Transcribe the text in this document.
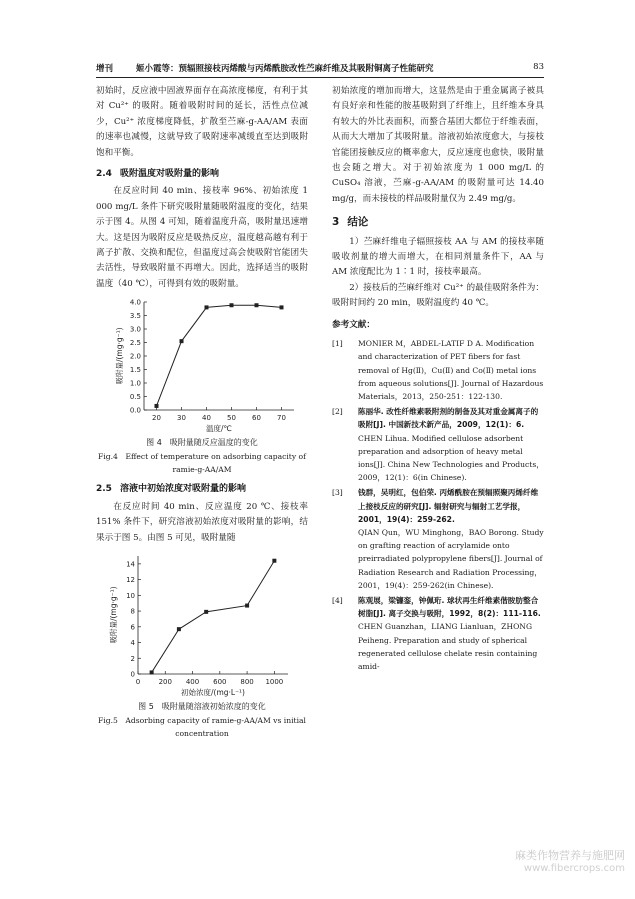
增刊	姬小霞等：预辐照接枝丙烯酸与丙烯酰胺改性苎麻纤维及其吸附铜离子性能研究	83

初始时，反应液中固液界面存在高浓度梯度，有利于其对 Cu²⁺ 的吸附。随着吸附时间的延长，活性点位减少，Cu²⁺ 浓度梯度降低，扩散至苎麻-g-AA/AM 表面的速率也减慢，这就导致了吸附速率减缓直至达到吸附饱和平衡。

2.4 吸附温度对吸附量的影响

在反应时间 40 min、接枝率 96%、初始浓度 1 000 mg/L 条件下研究吸附量随吸附温度的变化，结果示于图 4。从图 4 可知，随着温度升高，吸附量迅速增大。这是因为吸附反应是吸热反应，温度越高越有利于离子扩散、交换和配位，但温度过高会使吸附官能团失去活性，导致吸附量不再增大。因此，选择适当的吸附温度（40 ℃），可得到有效的吸附量。

0.0
0.5
1.0
1.5
2.0
2.5
3.0
3.5
4.0
20 30 40 50 60 70
温度/℃
吸附量/(mg·g⁻¹)
图 4　吸附量随反应温度的变化
Fig.4　Effect of temperature on adsorbing capacity of ramie-g-AA/AM
2.5 溶液中初始浓度对吸附量的影响

在反应时间 40 min、反应温度 20 ℃、接枝率 151% 条件下，研究溶液初始浓度对吸附量的影响，结果示于图 5。由图 5 可见，吸附量随

0
2
4
6
8
10
12
14
0	200 400 600 800 1000
初始浓度/(mg·L⁻¹)
吸附量/(mg·g⁻¹)
图 5　吸附量随溶液初始浓度的变化
Fig.5　Adsorbing capacity of ramie-g-AA/AM vs initial concentration

初始浓度的增加而增大，这显然是由于重金属离子被具有良好亲和性能的胺基吸附到了纤维上，且纤维本身具有较大的外比表面积，而螯合基团大都位于纤维表面，从而大大增加了其吸附量。溶液初始浓度愈大，与接枝官能团接触反应的概率愈大，反应速度也愈快，吸附量也会随之增大。对于初始浓度为 1 000 mg/L 的 CuSO₄ 溶液，苎麻-g-AA/AM 的吸附量可达 14.40 mg/g，而未接枝的样品吸附量仅为 2.49 mg/g。

3 结论

1）苎麻纤维电子辐照接枝 AA 与 AM 的接枝率随吸收剂量的增大而增大，在相同剂量条件下，AA 与 AM 浓度配比为 1∶1 时，接枝率最高。

2）接枝后的苎麻纤维对 Cu²⁺ 的最佳吸附条件为：吸附时间约 20 min，吸附温度约 40 ℃。

参考文献：
[1] MONIER M，ABDEL-LATIF D A. Modification and characterization of PET fibers for fast removal of Hg(Ⅱ)，Cu(Ⅱ) and Co(Ⅱ) metal ions from aqueous solutions[J]. Journal of Hazardous Materials，2013，250-251：122-130.
[2] 陈丽华. 改性纤维素吸附剂的制备及其对重金属离子的吸附[J]. 中国新技术新产品，2009，12(1)：6.
CHEN Lihua. Modified cellulose adsorbent preparation and adsorption of heavy metal ions[J]. China New Technologies and Products，2009，12(1)：6(in Chinese).
[3] 钱群，吴明红，包伯荣. 丙烯酰胺在预辐照聚丙烯纤维上接枝反应的研究[J]. 辐射研究与辐射工艺学报，2001，19(4)：259-262.
QIAN Qun，WU Minghong，BAO Borong. Study on grafting reaction of acrylamide onto preirradiated polypropylene fibers[J]. Journal of Radiation Research and Radiation Processing，2001，19(4)：259-262(in Chinese).
[4] 陈观展，梁镰銮，钟佩珩. 球状再生纤维素偕胺肪整合树脂[J]. 离子交换与吸附，1992，8(2)：111-116.
CHEN Guanzhan，LIANG Lianluan，ZHONG Peiheng. Preparation and study of spherical regenerated cellulose chelate resin containing amid-
麻类作物营养与施肥网
www.fibercrops.com
